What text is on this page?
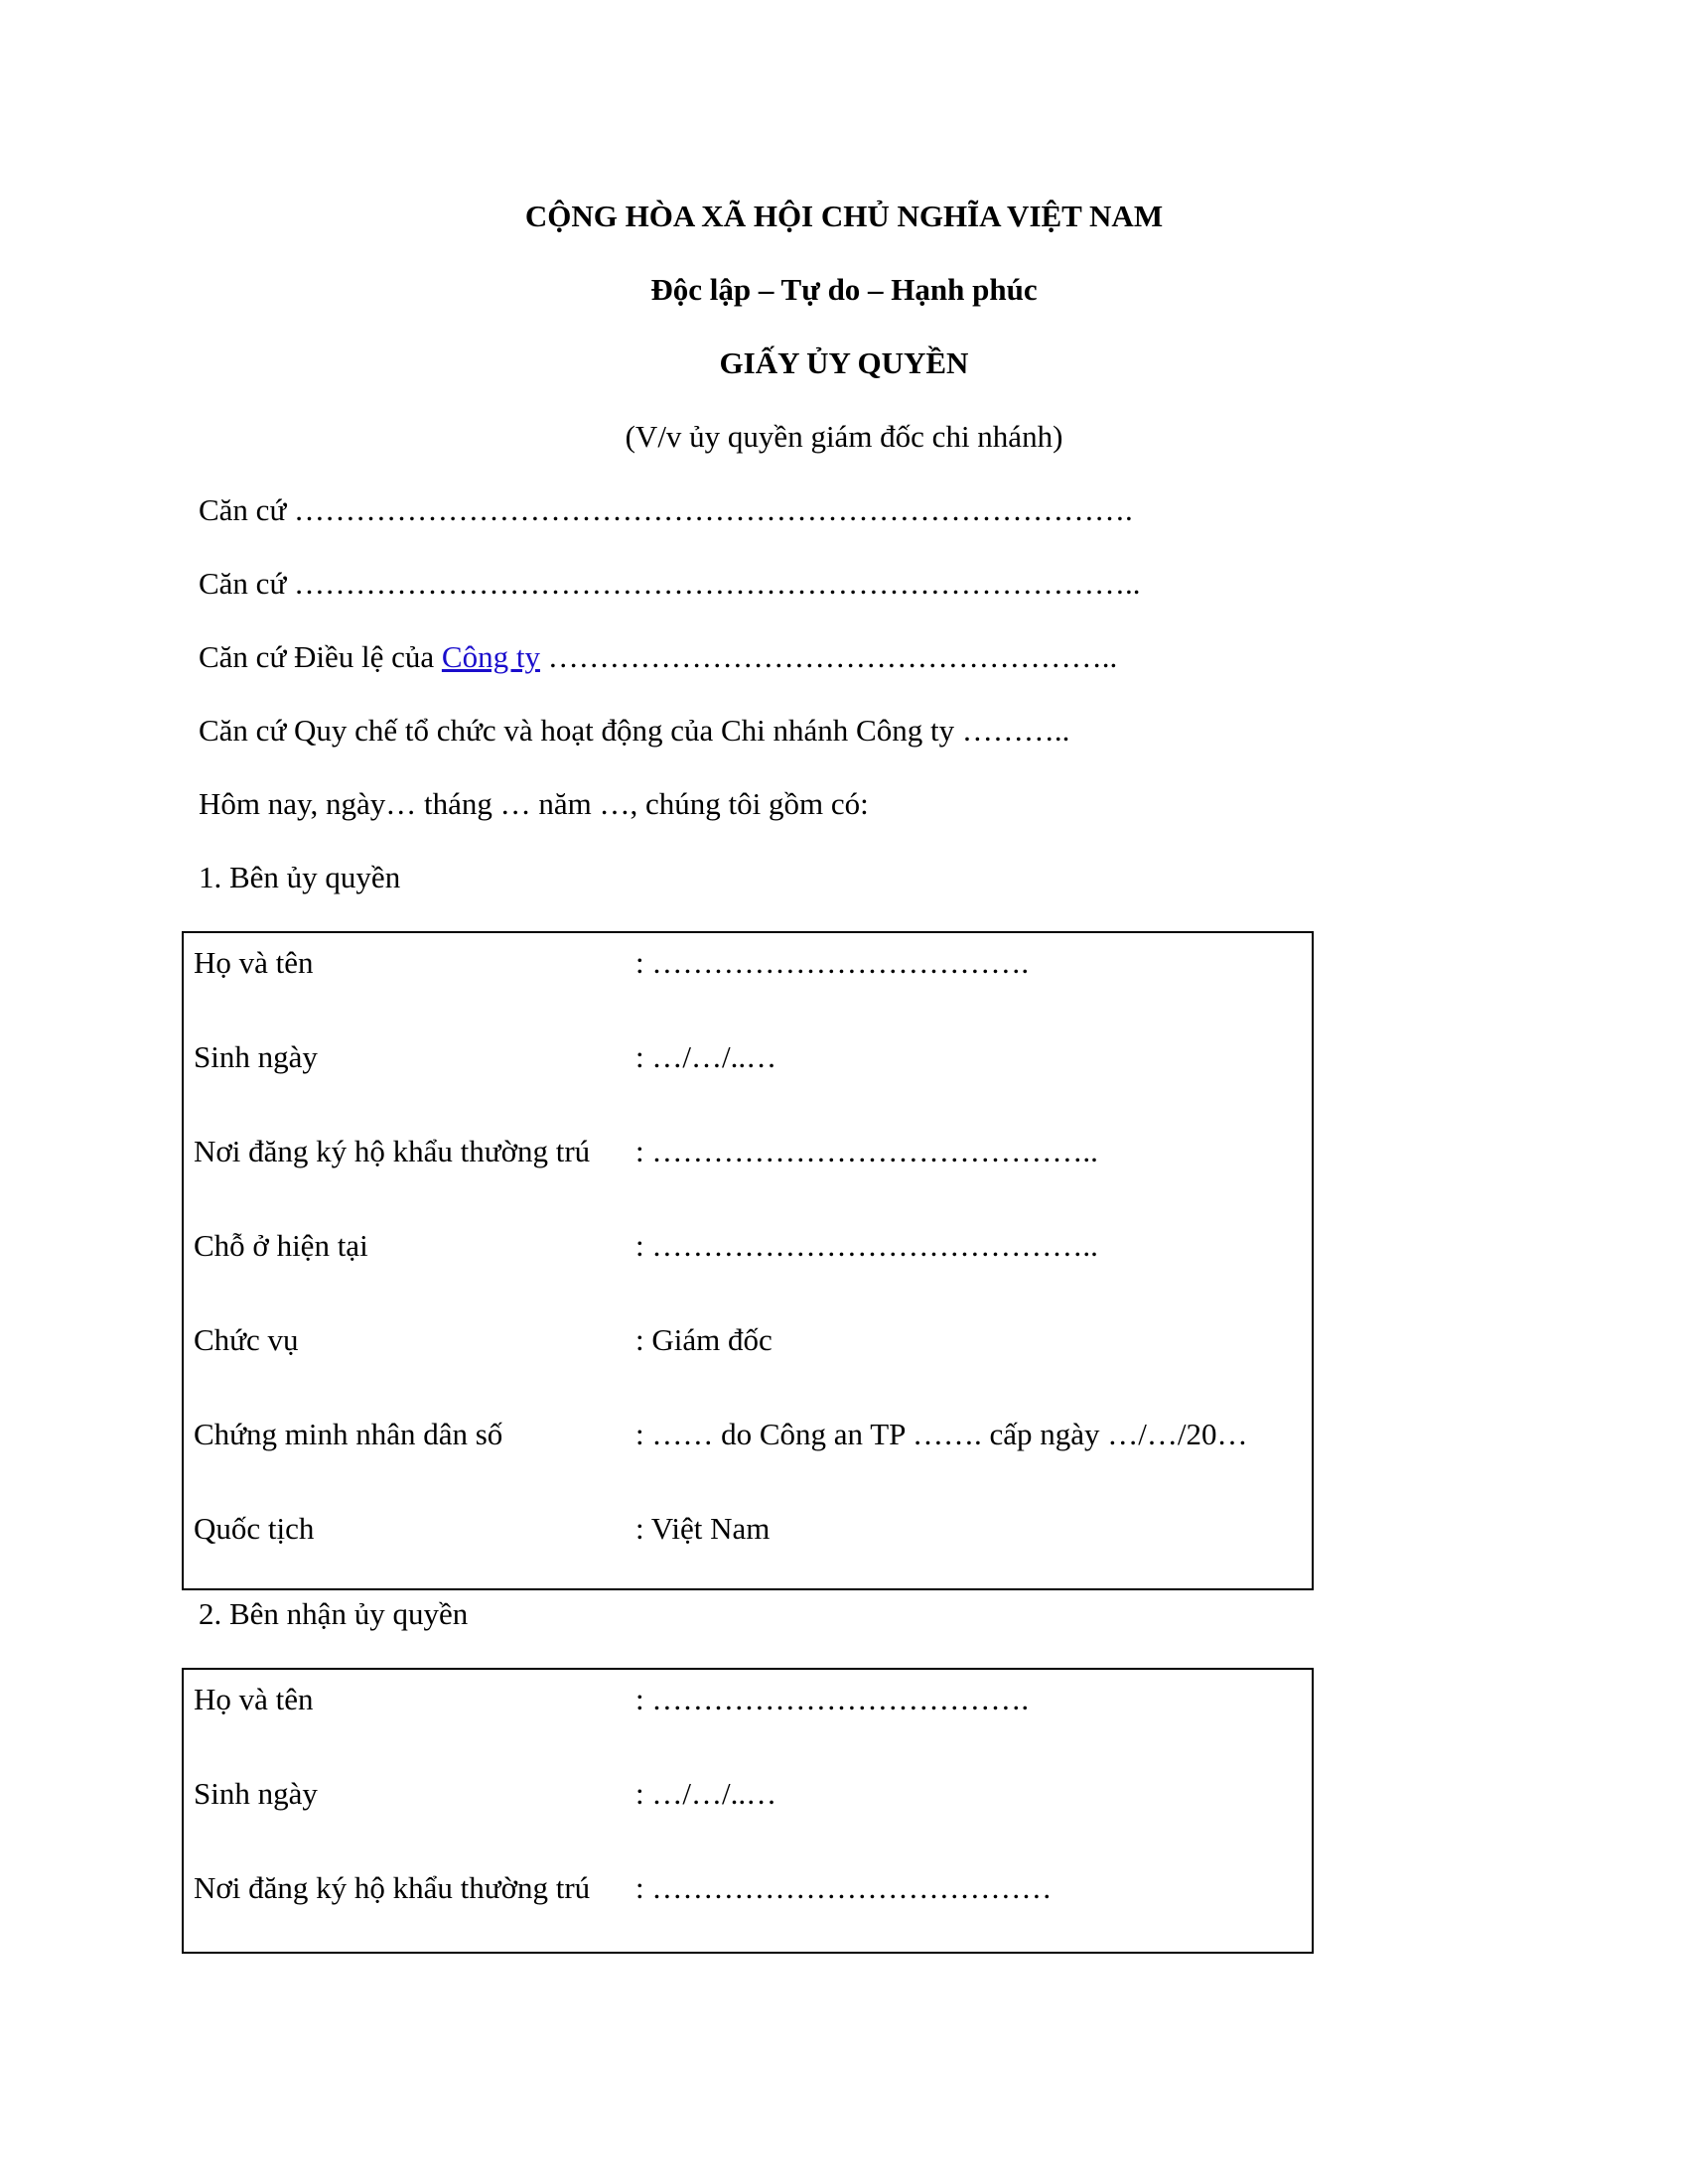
CỘNG HÒA XÃ HỘI CHỦ NGHĨA VIỆT NAM
Độc lập – Tự do – Hạnh phúc
GIẤY ỦY QUYỀN
(V/v ủy quyền giám đốc chi nhánh)
Căn cứ ……………………………………………………………………….
Căn cứ ………………………………………………………………………..
Căn cứ Điều lệ của Công ty ………………………………………………..
Căn cứ Quy chế tổ chức và hoạt động của Chi nhánh Công ty ………..
Hôm nay, ngày… tháng … năm …, chúng tôi gồm có:
1. Bên ủy quyền
Họ và tên	: ……………………………….
Sinh ngày	: …/…/..…
Nơi đăng ký hộ khẩu thường trú : ……………………………………..
Chỗ ở hiện tại	: ……………………………………..
Chức vụ	: Giám đốc
Chứng minh nhân dân số	: …… do Công an TP ……. cấp ngày …/…/20…
Quốc tịch	: Việt Nam
2. Bên nhận ủy quyền
Họ và tên	: ……………………………….
Sinh ngày	: …/…/..…
Nơi đăng ký hộ khẩu thường trú : …………………………………
